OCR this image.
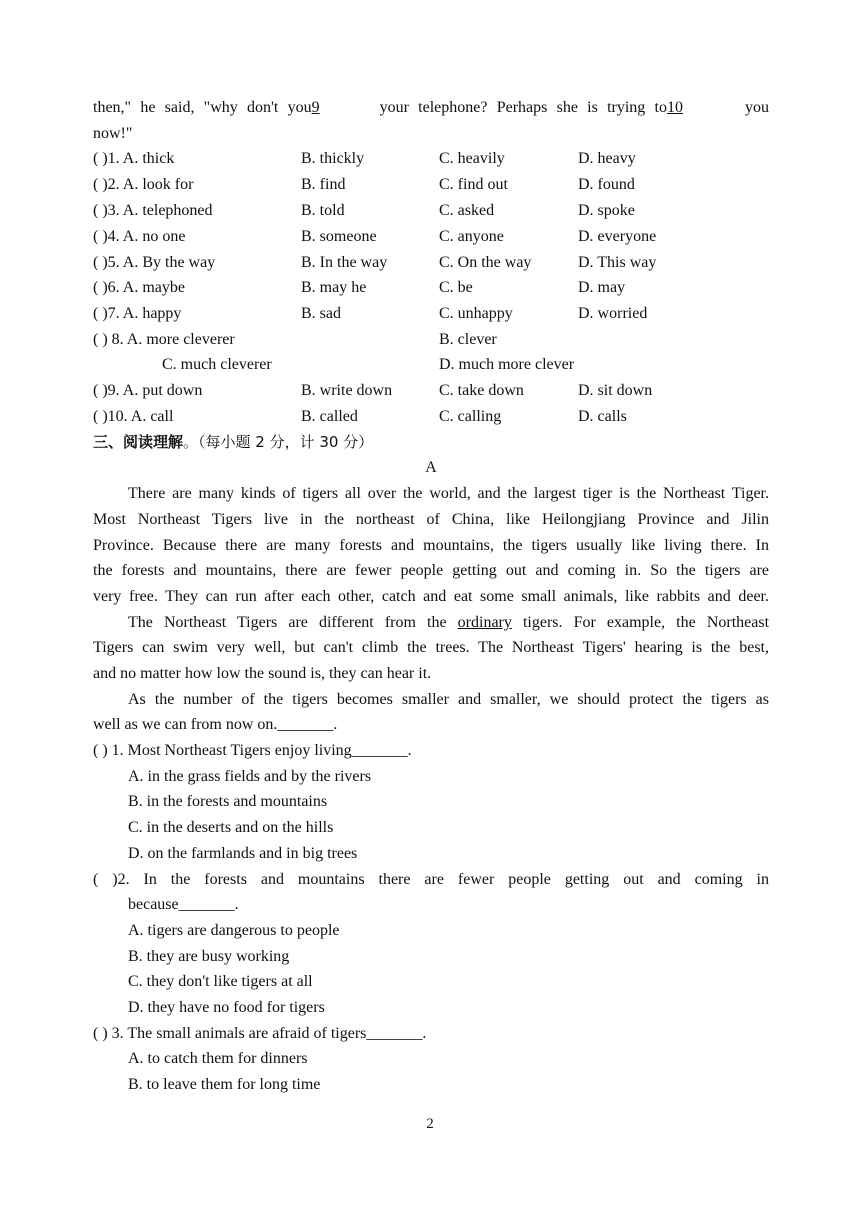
then," he said, "why don't you9	your telephone? Perhaps she is trying to10	you
now!"
( )1. A. thick	B. thickly	C. heavily	D. heavy
( )2. A. look for	B. find	C. find out	D. found
( )3. A. telephoned	B. told	C. asked	D. spoke
( )4. A. no one	B. someone	C. anyone	D. everyone
( )5. A. By the way	B. In the way	C. On the way	D. This way
( )6. A. maybe	B. may he	C. be	D. may
( )7. A. happy	B. sad	C. unhappy	D. worried
( ) 8. A. more cleverer	B. clever
C. much cleverer	D. much more clever
( )9. A. put down	B. write down	C. take down	D. sit down
( )10. A. call	B. called	C. calling	D. calls
三、阅读理解。（每小题 2 分，计 30 分）
A
There are many kinds of tigers all over the world, and the largest tiger is the Northeast Tiger.
Most Northeast Tigers live in the northeast of China, like Heilongjiang Province and Jilin
Province. Because there are many forests and mountains, the tigers usually like living there. In
the forests and mountains, there are fewer people getting out and coming in. So the tigers are
very free. They can run after each other, catch and eat some small animals, like rabbits and deer.
The Northeast Tigers are different from the ordinary tigers. For example, the Northeast
Tigers can swim very well, but can't climb the trees. The Northeast Tigers' hearing is the best,
and no matter how low the sound is, they can hear it.
As the number of the tigers becomes smaller and smaller, we should protect the tigers as
well as we can from now on._______.
( ) 1. Most Northeast Tigers enjoy living_______.
A. in the grass fields and by the rivers
B. in the forests and mountains
C. in the deserts and on the hills
D. on the farmlands and in big trees
( )2. In the forests and mountains there are fewer people getting out and coming in
because_______.
A. tigers are dangerous to people
B. they are busy working
C. they don't like tigers at all
D. they have no food for tigers
( ) 3. The small animals are afraid of tigers_______.
A. to catch them for dinners
B. to leave them for long time
2
